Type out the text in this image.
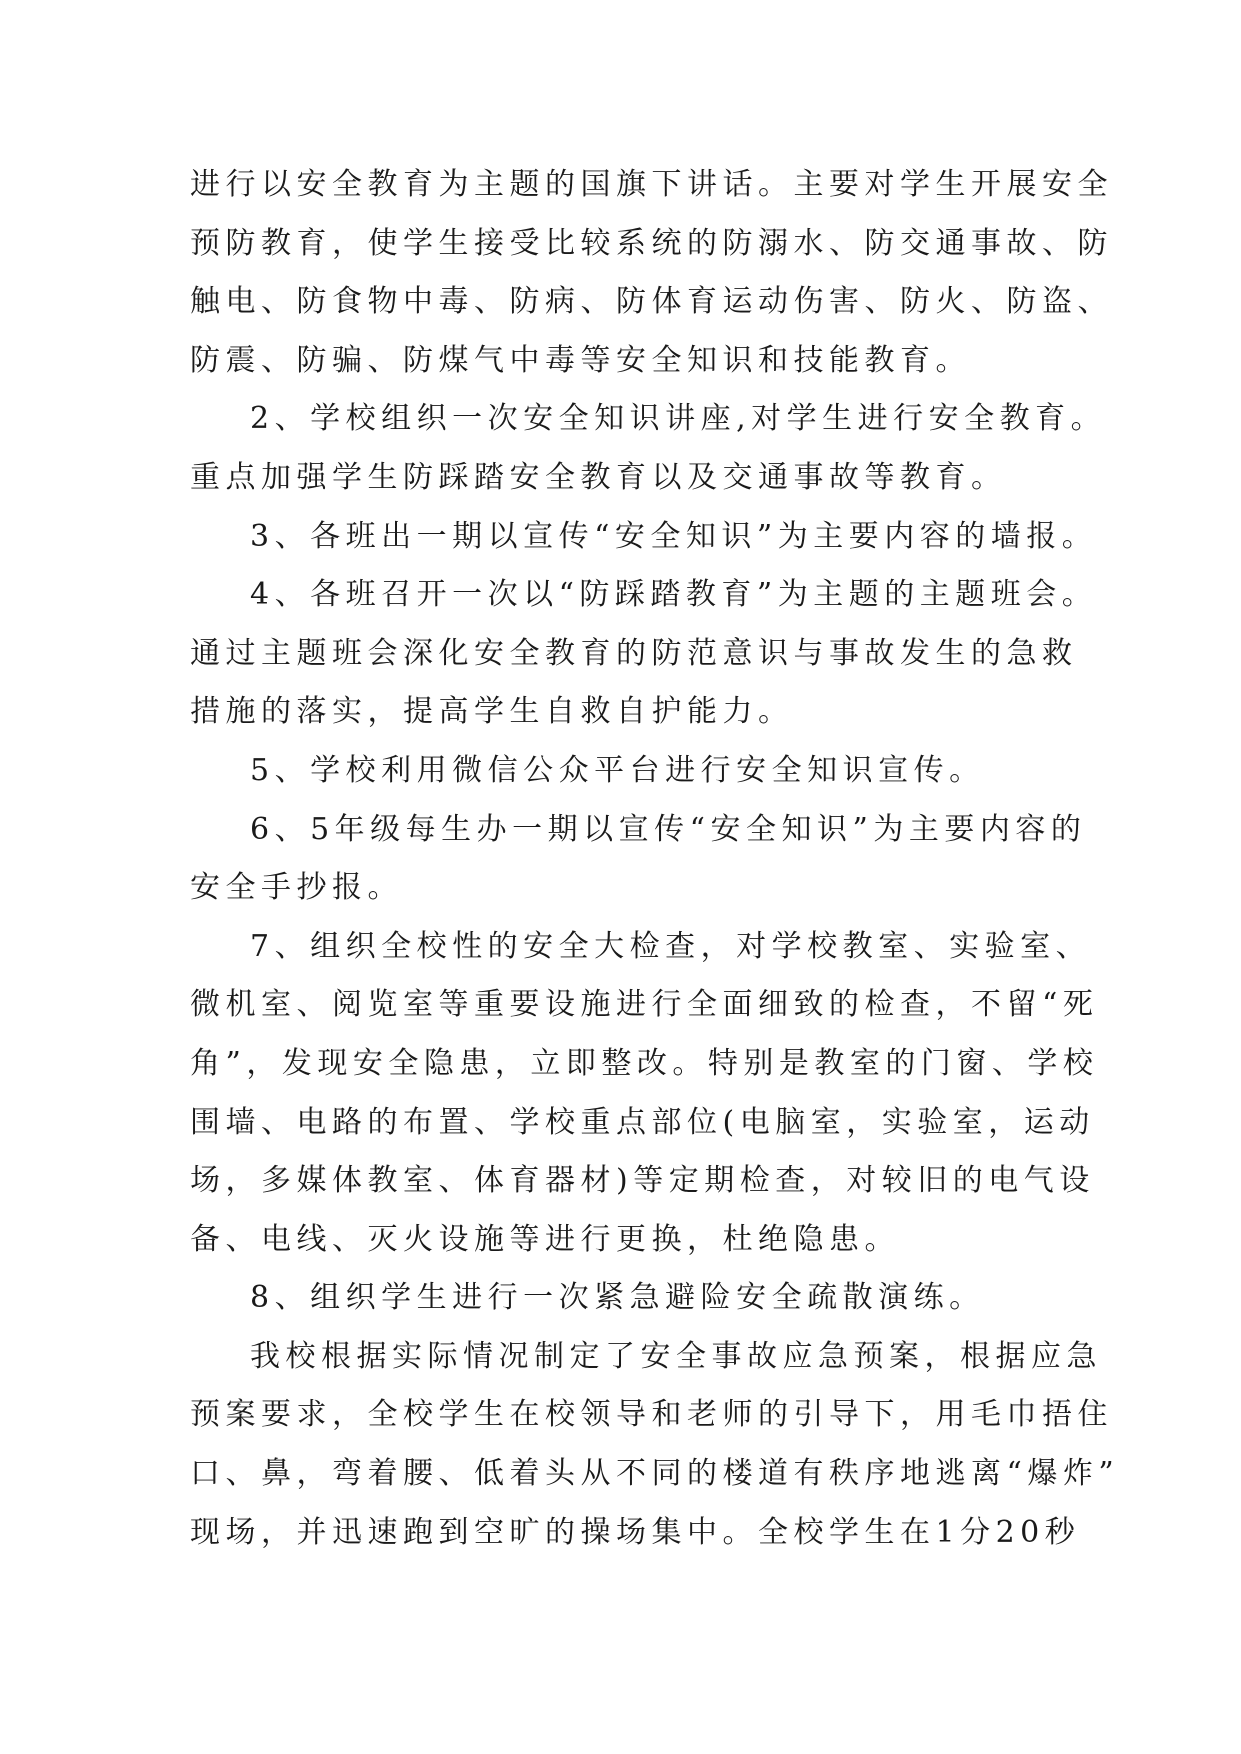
进行以安全教育为主题的国旗下讲话。主要对学生开展安全
预防教育，使学生接受比较系统的防溺水、防交通事故、防
触电、防食物中毒、防病、防体育运动伤害、防火、防盗、
防震、防骗、防煤气中毒等安全知识和技能教育。
2、学校组织一次安全知识讲座,对学生进行安全教育。
重点加强学生防踩踏安全教育以及交通事故等教育。
3、各班出一期以宣传“安全知识”为主要内容的墙报。
4、各班召开一次以“防踩踏教育”为主题的主题班会。
通过主题班会深化安全教育的防范意识与事故发生的急救
措施的落实，提高学生自救自护能力。
5、学校利用微信公众平台进行安全知识宣传。
6、5年级每生办一期以宣传“安全知识”为主要内容的
安全手抄报。
7、组织全校性的安全大检查，对学校教室、实验室、
微机室、阅览室等重要设施进行全面细致的检查，不留“死
角”，发现安全隐患，立即整改。特别是教室的门窗、学校
围墙、电路的布置、学校重点部位(电脑室，实验室，运动
场，多媒体教室、体育器材)等定期检查，对较旧的电气设
备、电线、灭火设施等进行更换，杜绝隐患。
8、组织学生进行一次紧急避险安全疏散演练。
我校根据实际情况制定了安全事故应急预案，根据应急
预案要求，全校学生在校领导和老师的引导下，用毛巾捂住
口、鼻，弯着腰、低着头从不同的楼道有秩序地逃离“爆炸”
现场，并迅速跑到空旷的操场集中。全校学生在1分20秒
